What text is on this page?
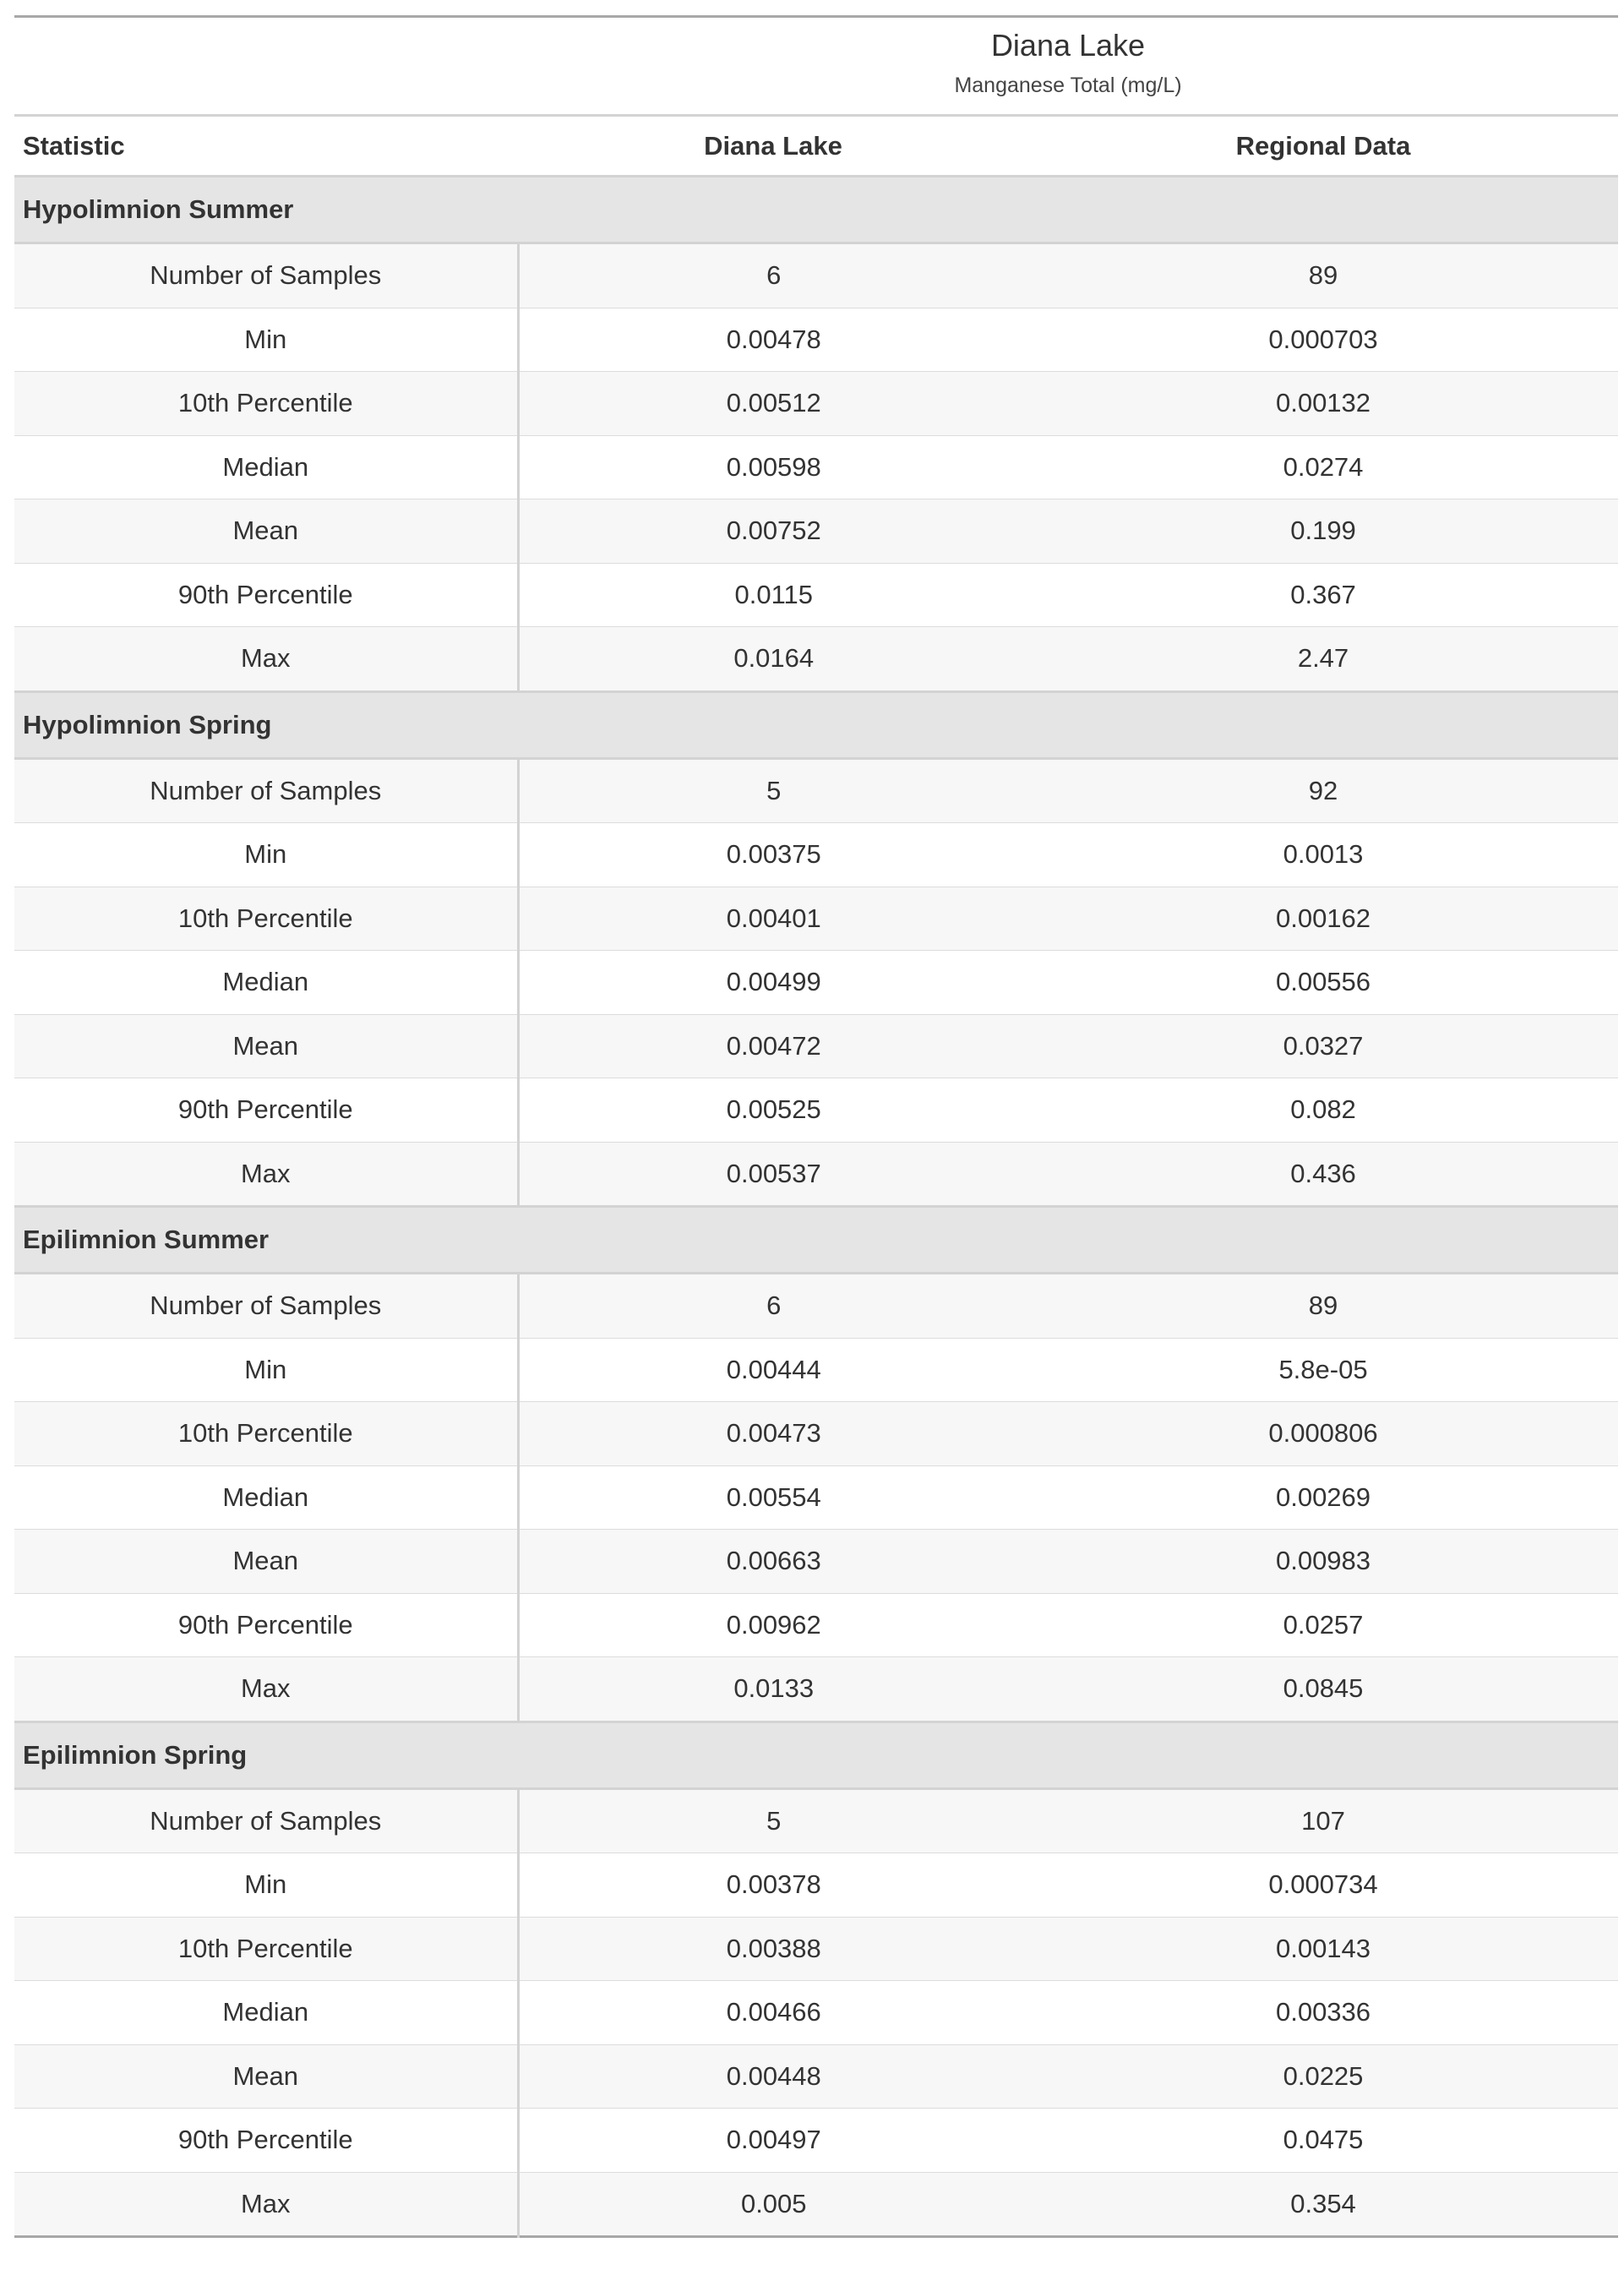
	Diana Lake	
	Manganese Total (mg/L)	
Statistic	Diana Lake	Regional Data
Hypolimnion Summer		
Number of Samples	6	89
Min	0.00478	0.000703
10th Percentile	0.00512	0.00132
Median	0.00598	0.0274
Mean	0.00752	0.199
90th Percentile	0.0115	0.367
Max	0.0164	2.47
Hypolimnion Spring		
Number of Samples	5	92
Min	0.00375	0.0013
10th Percentile	0.00401	0.00162
Median	0.00499	0.00556
Mean	0.00472	0.0327
90th Percentile	0.00525	0.082
Max	0.00537	0.436
Epilimnion Summer		
Number of Samples	6	89
Min	0.00444	5.8e-05
10th Percentile	0.00473	0.000806
Median	0.00554	0.00269
Mean	0.00663	0.00983
90th Percentile	0.00962	0.0257
Max	0.0133	0.0845
Epilimnion Spring		
Number of Samples	5	107
Min	0.00378	0.000734
10th Percentile	0.00388	0.00143
Median	0.00466	0.00336
Mean	0.00448	0.0225
90th Percentile	0.00497	0.0475
Max	0.005	0.354
